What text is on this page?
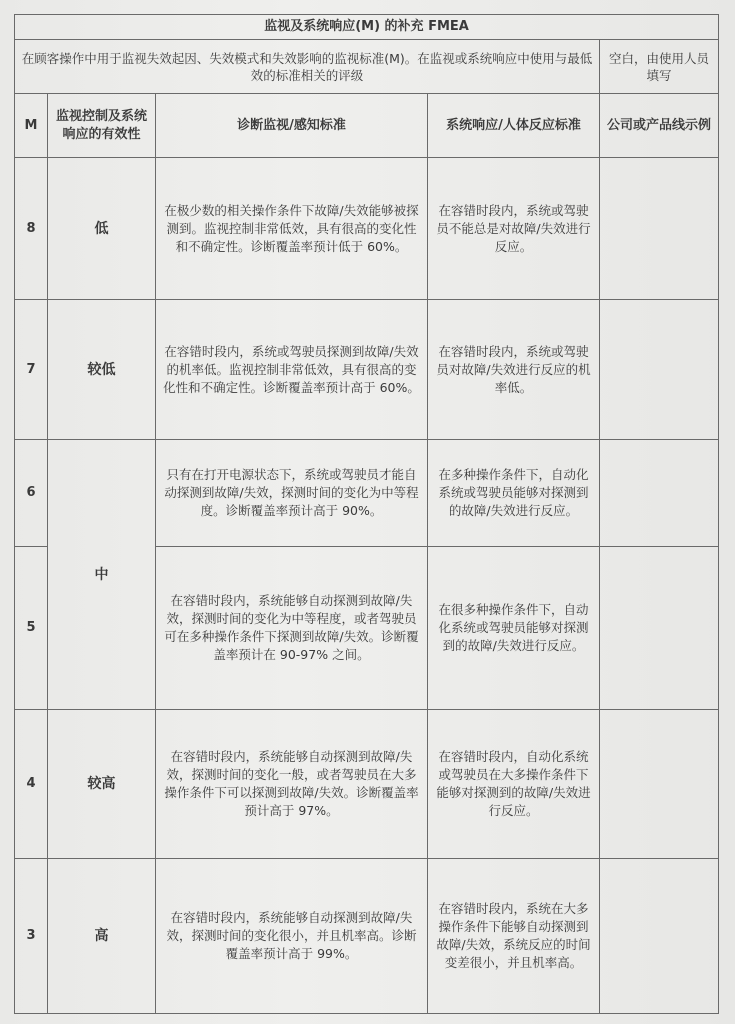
监视及系统响应(M) 的补充 FMEA				
在顾客操作中用于监视失效起因、失效模式和失效影响的监视标准(M)。在监视或系统响应中使用与最低效的标准相关的评级				空白，由使用人员填写
M	监视控制及系统响应的有效性	诊断监视/感知标准	系统响应/人体反应标准	公司或产品线示例
8	低	在极少数的相关操作条件下故障/失效能够被探测到。监视控制非常低效，具有很高的变化性和不确定性。诊断覆盖率预计低于 60%。	在容错时段内，系统或驾驶员不能总是对故障/失效进行反应。	
7	较低	在容错时段内，系统或驾驶员探测到故障/失效的机率低。监视控制非常低效，具有很高的变化性和不确定性。诊断覆盖率预计高于 60%。	在容错时段内，系统或驾驶员对故障/失效进行反应的机率低。	
6	中	只有在打开电源状态下，系统或驾驶员才能自动探测到故障/失效，探测时间的变化为中等程度。诊断覆盖率预计高于 90%。	在多种操作条件下，自动化系统或驾驶员能够对探测到的故障/失效进行反应。	
5		在容错时段内，系统能够自动探测到故障/失效，探测时间的变化为中等程度，或者驾驶员可在多种操作条件下探测到故障/失效。诊断覆盖率预计在 90-97% 之间。	在很多种操作条件下，自动化系统或驾驶员能够对探测到的故障/失效进行反应。	
4	较高	在容错时段内，系统能够自动探测到故障/失效，探测时间的变化一般，或者驾驶员在大多操作条件下可以探测到故障/失效。诊断覆盖率预计高于 97%。	在容错时段内，自动化系统或驾驶员在大多操作条件下能够对探测到的故障/失效进行反应。	
3	高	在容错时段内，系统能够自动探测到故障/失效，探测时间的变化很小，并且机率高。诊断覆盖率预计高于 99%。	在容错时段内，系统在大多操作条件下能够自动探测到故障/失效，系统反应的时间变差很小，并且机率高。	
